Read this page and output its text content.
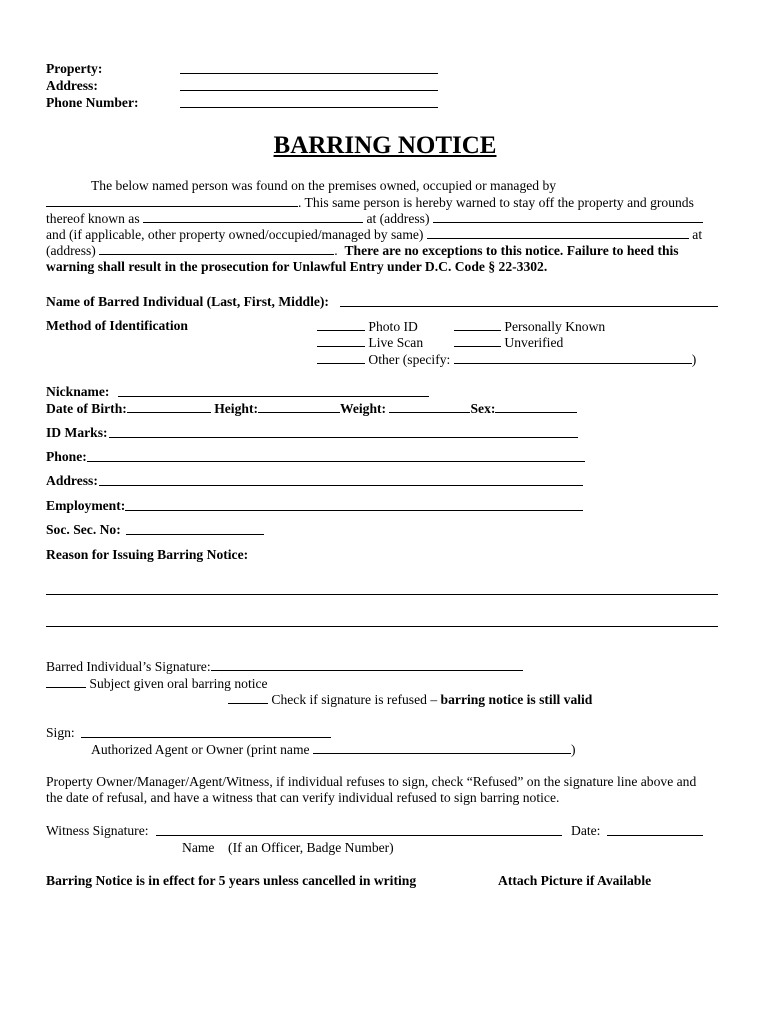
Property:
Address:
Phone Number:
BARRING NOTICE
The below named person was found on the premises owned, occupied or managed by
. This same person is hereby warned to stay off the property and grounds
thereof known as	at (address)
and (if applicable, other property owned/occupied/managed by same)	at
(address)	. There are no exceptions to this notice. Failure to heed this
warning shall result in the prosecution for Unlawful Entry under D.C. Code § 22-3302.
Name of Barred Individual (Last, First, Middle):
Method of Identification	Photo ID	Personally Known
Live Scan	Unverified
Other (specify:	)
Nickname:
Date of Birth:	Height:	Weight:	Sex:
ID Marks:
Phone:
Address:
Employment:
Soc. Sec. No:
Reason for Issuing Barring Notice:
Barred Individual’s Signature:
Subject given oral barring notice
Check if signature is refused – barring notice is still valid
Sign:
Authorized Agent or Owner (print name	)
Property Owner/Manager/Agent/Witness, if individual refuses to sign, check “Refused” on the signature line above and
the date of refusal, and have a witness that can verify individual refused to sign barring notice.
Witness Signature:	Date:
Name    (If an Officer, Badge Number)
Barring Notice is in effect for 5 years unless cancelled in writing	Attach Picture if Available
